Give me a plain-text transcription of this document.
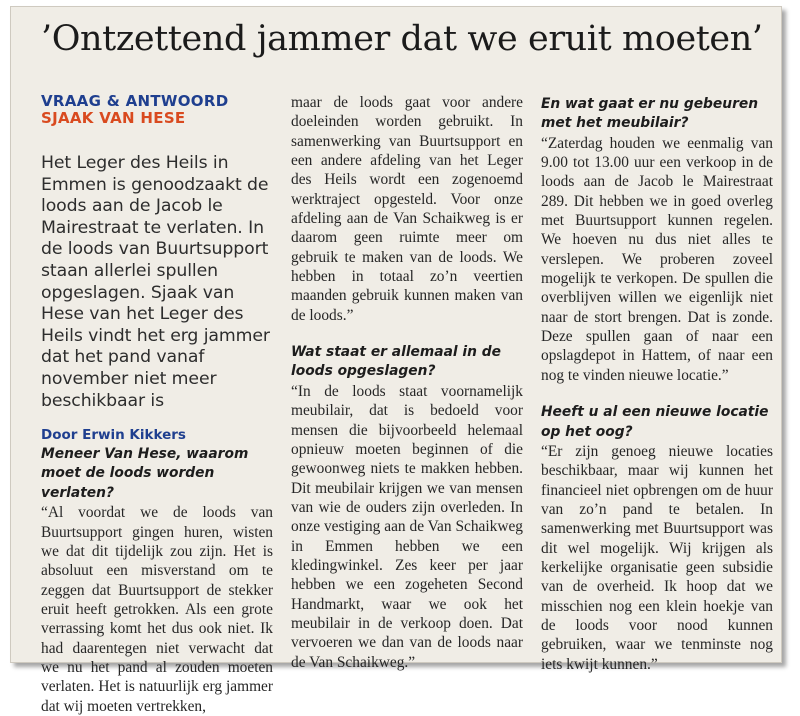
’Ontzettend jammer dat we eruit moeten’

VRAAG & ANTWOORD

SJAAK VAN HESE

Het Leger des Heils in Emmen is genoodzaakt de loods aan de Jacob le Mairestraat te verlaten. In de loods van Buurtsupport staan allerlei spullen opgeslagen. Sjaak van Hese van het Leger des Heils vindt het erg jammer dat het pand vanaf november niet meer beschikbaar is

Door Erwin Kikkers

Meneer Van Hese, waarom moet de loods worden verlaten?

“Al voordat we de loods van Buurtsupport gingen huren, wisten we dat dit tijdelijk zou zijn. Het is absoluut een misverstand om te zeggen dat Buurtsupport de stekker eruit heeft getrokken. Als een grote verrassing komt het dus ook niet. Ik had daarentegen niet verwacht dat we nu het pand al zouden moeten verlaten. Het is natuurlijk erg jammer dat wij moeten vertrekken,

maar de loods gaat voor andere doeleinden worden gebruikt. In samenwerking van Buurtsupport en een andere afdeling van het Leger des Heils wordt een zogenoemd werktraject opgesteld. Voor onze afdeling aan de Van Schaikweg is er daarom geen ruimte meer om gebruik te maken van de loods. We hebben in totaal zo’n veertien maanden gebruik kunnen maken van de loods.”

Wat staat er allemaal in de loods opgeslagen?

“In de loods staat voornamelijk meubilair, dat is bedoeld voor mensen die bijvoorbeeld helemaal opnieuw moeten beginnen of die gewoonweg niets te makken hebben. Dit meubilair krijgen we van mensen van wie de ouders zijn overleden. In onze vestiging aan de Van Schaikweg in Emmen hebben we een kledingwinkel. Zes keer per jaar hebben we een zogeheten Second Handmarkt, waar we ook het meubilair in de verkoop doen. Dat vervoeren we dan van de loods naar de Van Schaikweg.”

En wat gaat er nu gebeuren met het meubilair?

“Zaterdag houden we eenmalig van 9.00 tot 13.00 uur een verkoop in de loods aan de Jacob le Mairestraat 289. Dit hebben we in goed overleg met Buurtsupport kunnen regelen. We hoeven nu dus niet alles te verslepen. We proberen zoveel mogelijk te verkopen. De spullen die overblijven willen we eigenlijk niet naar de stort brengen. Dat is zonde. Deze spullen gaan of naar een opslagdepot in Hattem, of naar een nog te vinden nieuwe locatie.”

Heeft u al een nieuwe locatie op het oog?

“Er zijn genoeg nieuwe locaties beschikbaar, maar wij kunnen het financieel niet opbrengen om de huur van zo’n pand te betalen. In samenwerking met Buurtsupport was dit wel mogelijk. Wij krijgen als kerkelijke organisatie geen subsidie van de overheid. Ik hoop dat we misschien nog een klein hoekje van de loods voor nood kunnen gebruiken, waar we tenminste nog iets kwijt kunnen.”
